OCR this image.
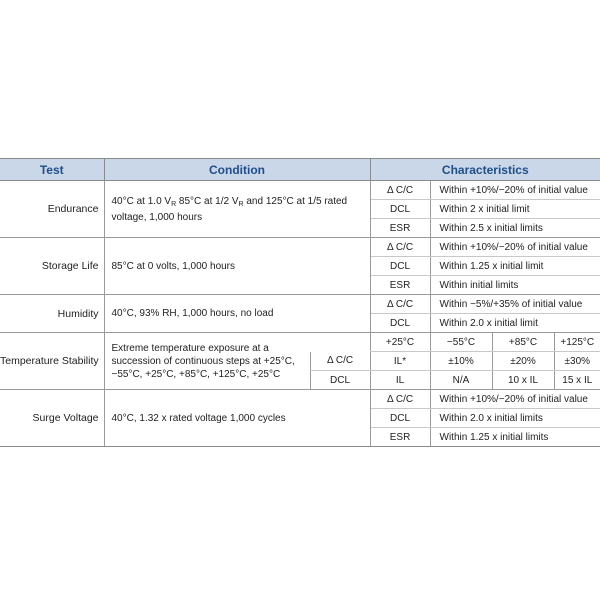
Test	Condition		Characteristics			
Endurance	40°C at 1.0 $V_R$ 85°C at 1/2 $V_R$ and 125°C at 1/5 rated voltage, 1,000 hours		Δ C/C	Within +10%/−20% of initial value		
			DCL	Within 2 x initial limit		
			ESR	Within 2.5 x initial limits		
Storage Life	85°C at 0 volts, 1,000 hours		Δ C/C	Within +10%/−20% of initial value		
			DCL	Within 1.25 x initial limit		
			ESR	Within initial limits		
Humidity	40°C, 93% RH, 1,000 hours, no load		Δ C/C	Within −5%/+35% of initial value		
			DCL	Within 2.0 x initial limit		
Temperature Stability	Extreme temperature exposure at a succession of continuous steps at +25°C, −55°C, +25°C, +85°C, +125°C, +25°C		+25°C	−55°C	+85°C	+125°C
		Δ C/C	IL*	±10%	±20%	±30%
		DCL	IL	N/A	10 x IL	15 x IL
Surge Voltage	40°C, 1.32 x rated voltage 1,000 cycles		Δ C/C	Within +10%/−20% of initial value		
			DCL	Within 2.0 x initial limits		
			ESR	Within 1.25 x initial limits		
